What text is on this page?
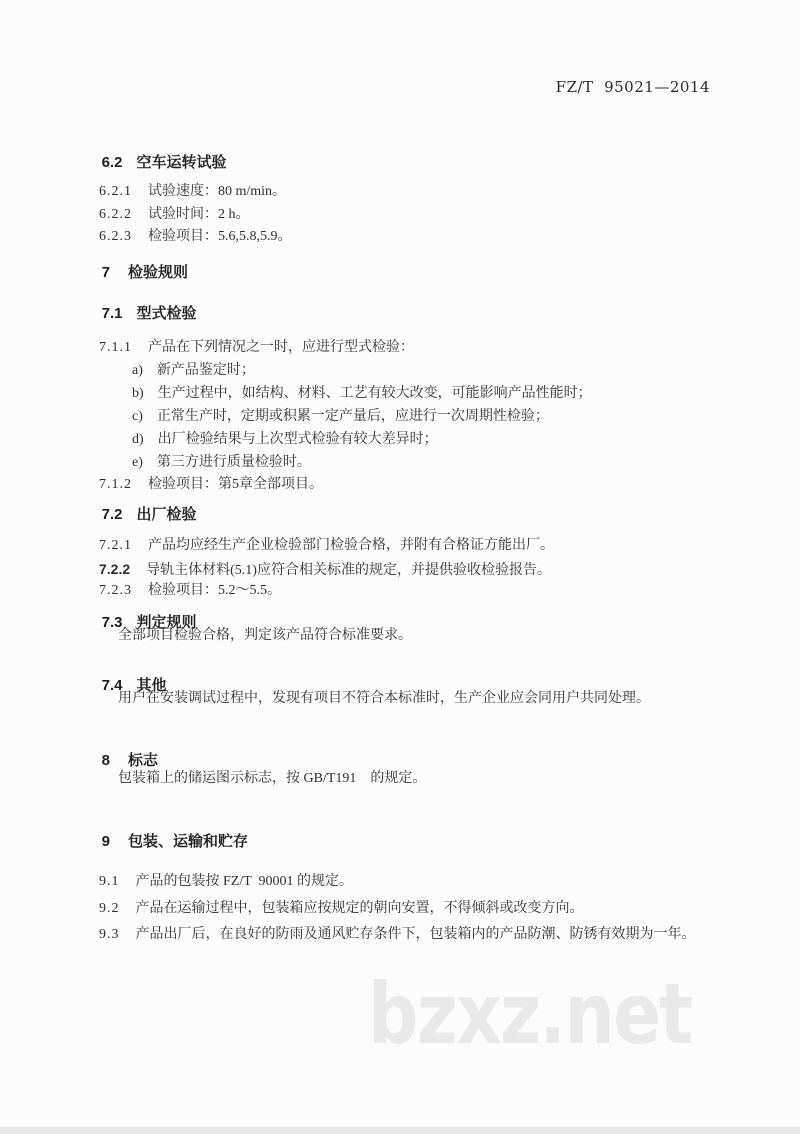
FZ/T  95021—2014

6.2 空车运转试验

6.2.1 试验速度：80 m/min。

6.2.2 试验时间：2 h。

6.2.3 检验项目：5.6,5.8,5.9。

7 检验规则

7.1 型式检验

7.1.1 产品在下列情况之一时，应进行型式检验：

a) 新产品鉴定时；

b) 生产过程中，如结构、材料、工艺有较大改变，可能影响产品性能时；

c) 正常生产时，定期或积累一定产量后，应进行一次周期性检验；

d) 出厂检验结果与上次型式检验有较大差异时；

e) 第三方进行质量检验时。

7.1.2 检验项目：第5章全部项目。

7.2 出厂检验

7.2.1 产品均应经生产企业检验部门检验合格，并附有合格证方能出厂。

7.2.2 导轨主体材料(5.1)应符合相关标准的规定，并提供验收检验报告。

7.2.3 检验项目：5.2～5.5。

7.3 判定规则

全部项目检验合格，判定该产品符合标准要求。

7.4 其他

用户在安装调试过程中，发现有项目不符合本标准时，生产企业应会同用户共同处理。

8 标志

包装箱上的储运图示标志，按 GB/T191    的规定。

9 包装、运输和贮存

9.1 产品的包装按 FZ/T  90001 的规定。

9.2 产品在运输过程中，包装箱应按规定的朝向安置，不得倾斜或改变方向。

9.3 产品出厂后，在良好的防雨及通风贮存条件下，包装箱内的产品防潮、防锈有效期为一年。

bzxz.net
